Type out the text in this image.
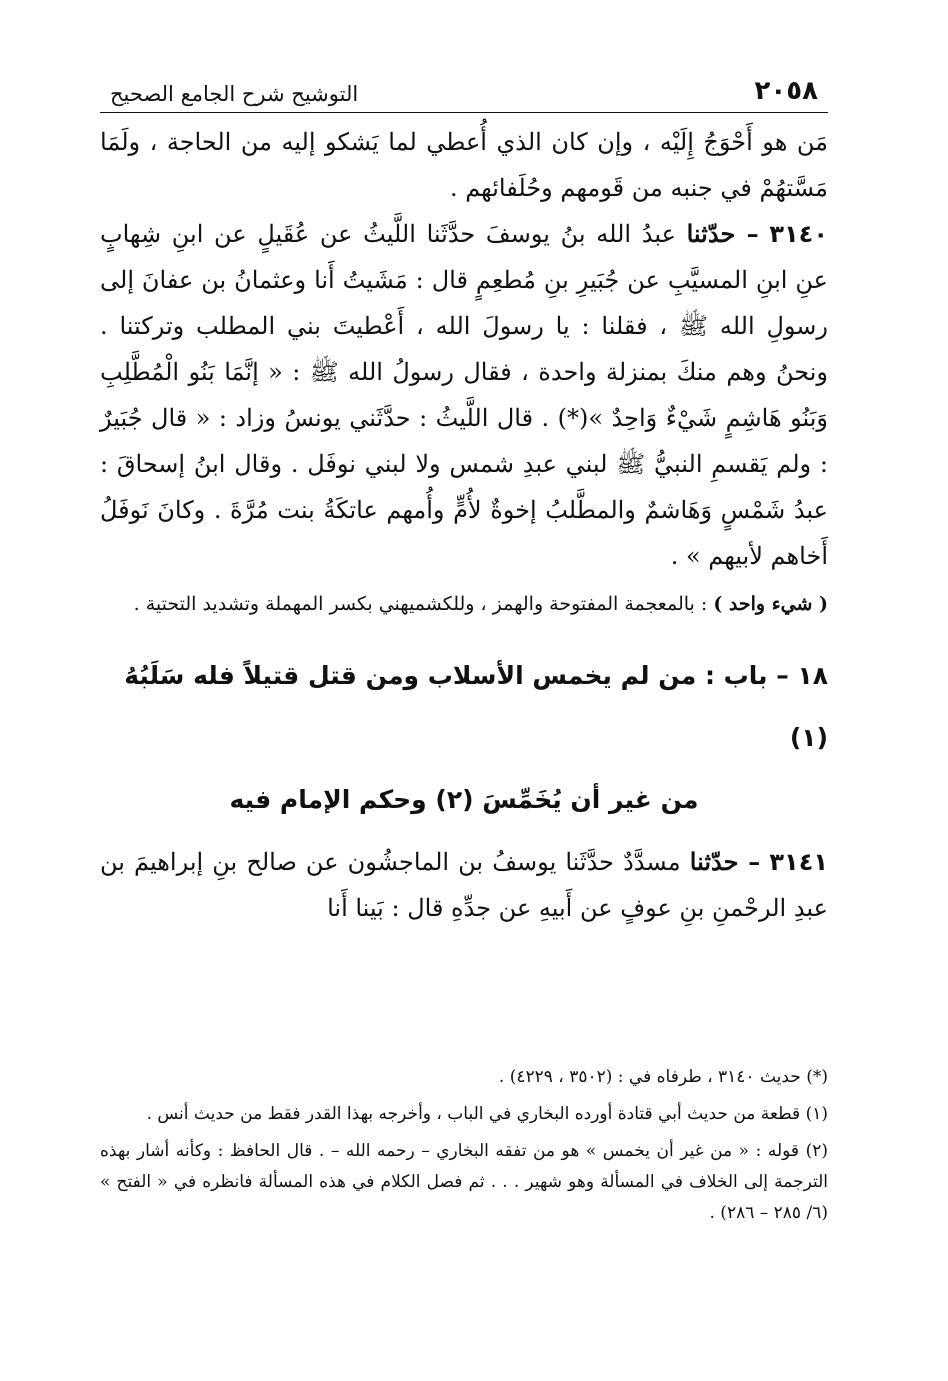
٢٠٥٨
التوشيح شرح الجامع الصحيح

مَن هو أَحْوَجُ إِلَيْه ، وإن كان الذي أُعطي لما يَشكو إليه من الحاجة ، ولَمَا مَسَّتهُمْ في جنبه من قَومهم وحُلَفائهم .

٣١٤٠ – حدّثنا عبدُ الله بنُ يوسفَ حدَّثَنا اللَّيثُ عن عُقَيلٍ عن ابنِ شِهابٍ عنِ ابنِ المسيَّبِ عن جُبَيرِ بنِ مُطعِمٍ قال : مَشَيتُ أَنا وعثمانُ بن عفانَ إلى رسولِ الله ﷺ ، فقلنا : يا رسولَ الله ، أَعْطيتَ بني المطلب وتركتنا . ونحنُ وهم منكَ بمنزلة واحدة ، فقال رسولُ الله ﷺ : « إنَّمَا بَنُو الْمُطَّلِبِ وَبَنُو هَاشِمٍ شَيْءٌ وَاحِدٌ »(*) . قال اللَّيثُ : حدَّثَني يونسُ وزاد : « قال جُبَيرٌ : ولم يَقسمِ النبيُّ ﷺ لبني عبدِ شمس ولا لبني نوفَل . وقال ابنُ إسحاقَ : عبدُ شَمْسٍ وَهَاشمٌ والمطَّلبُ إخوةٌ لأُمٍّ وأُمهم عاتكَةُ بنت مُرَّةَ . وكانَ نَوفَلُ أَخاهم لأبيهم » .

( شيء واحد ) : بالمعجمة المفتوحة والهمز ، وللكشميهني بكسر المهملة وتشديد التحتية .

١٨ – باب : من لم يخمس الأسلاب ومن قتل قتيلاً فله سَلَبُهُ (١)
من غير أن يُخَمِّسَ (٢) وحكم الإمام فيه

٣١٤١ – حدّثنا مسدَّدٌ حدَّثَنا يوسفُ بن الماجشُون عن صالح بنِ إبراهيمَ بن عبدِ الرحْمنِ بنِ عوفٍ عن أَبيهِ عن جدِّهِ قال : بَينا أَنا

(*) حديث ٣١٤٠ ، طرفاه في : (٣٥٠٢ ، ٤٢٢٩) .

(١) قطعة من حديث أبي قتادة أورده البخاري في الباب ، وأخرجه بهذا القدر فقط من حديث أنس .

(٢) قوله : « من غير أن يخمس » هو من تفقه البخاري – رحمه الله – . قال الحافظ : وكأنه أشار بهذه الترجمة إلى الخلاف في المسألة وهو شهير . . . ثم فصل الكلام في هذه المسألة فانظره في « الفتح » (٦/ ٢٨٥ – ٢٨٦) .
